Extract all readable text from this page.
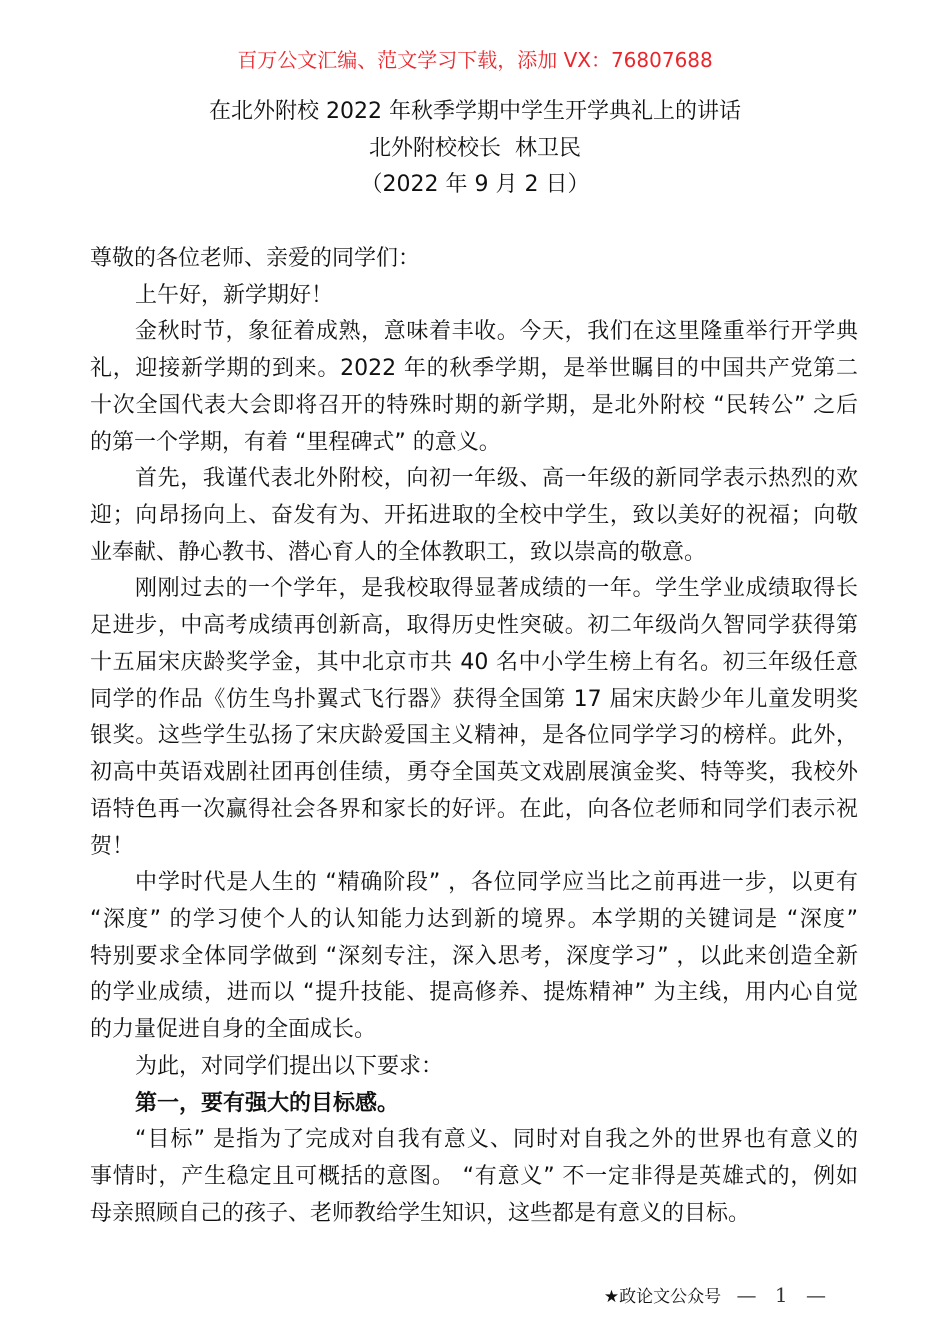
百万公文汇编、范文学习下载，添加 VX：76807688
在北外附校 2022 年秋季学期中学生开学典礼上的讲话
北外附校校长  林卫民
（2022 年 9 月 2 日）
尊敬的各位老师、亲爱的同学们：
上午好，新学期好！
金秋时节，象征着成熟，意味着丰收。今天，我们在这里隆重举行开学典
礼，迎接新学期的到来。2022 年的秋季学期，是举世瞩目的中国共产党第二
十次全国代表大会即将召开的特殊时期的新学期，是北外附校 “民转公” 之后
的第一个学期，有着 “里程碑式” 的意义。
首先，我谨代表北外附校，向初一年级、高一年级的新同学表示热烈的欢
迎；向昂扬向上、奋发有为、开拓进取的全校中学生，致以美好的祝福；向敬
业奉献、静心教书、潜心育人的全体教职工，致以崇高的敬意。
刚刚过去的一个学年，是我校取得显著成绩的一年。学生学业成绩取得长
足进步，中高考成绩再创新高，取得历史性突破。初二年级尚久智同学获得第
十五届宋庆龄奖学金，其中北京市共 40 名中小学生榜上有名。初三年级任意
同学的作品《仿生鸟扑翼式飞行器》获得全国第 17 届宋庆龄少年儿童发明奖
银奖。这些学生弘扬了宋庆龄爱国主义精神，是各位同学学习的榜样。此外，
初高中英语戏剧社团再创佳绩，勇夺全国英文戏剧展演金奖、特等奖，我校外
语特色再一次赢得社会各界和家长的好评。在此，向各位老师和同学们表示祝
贺！
中学时代是人生的 “精确阶段” ，各位同学应当比之前再进一步，以更有
“深度” 的学习使个人的认知能力达到新的境界。本学期的关键词是 “深度”
特别要求全体同学做到 “深刻专注，深入思考，深度学习” ，以此来创造全新
的学业成绩，进而以 “提升技能、提高修养、提炼精神” 为主线，用内心自觉
的力量促进自身的全面成长。
为此，对同学们提出以下要求：
第一，要有强大的目标感。
“目标” 是指为了完成对自我有意义、同时对自我之外的世界也有意义的
事情时，产生稳定且可概括的意图。 “有意义” 不一定非得是英雄式的，例如
母亲照顾自己的孩子、老师教给学生知识，这些都是有意义的目标。
★政论文公众号 — 1 —
